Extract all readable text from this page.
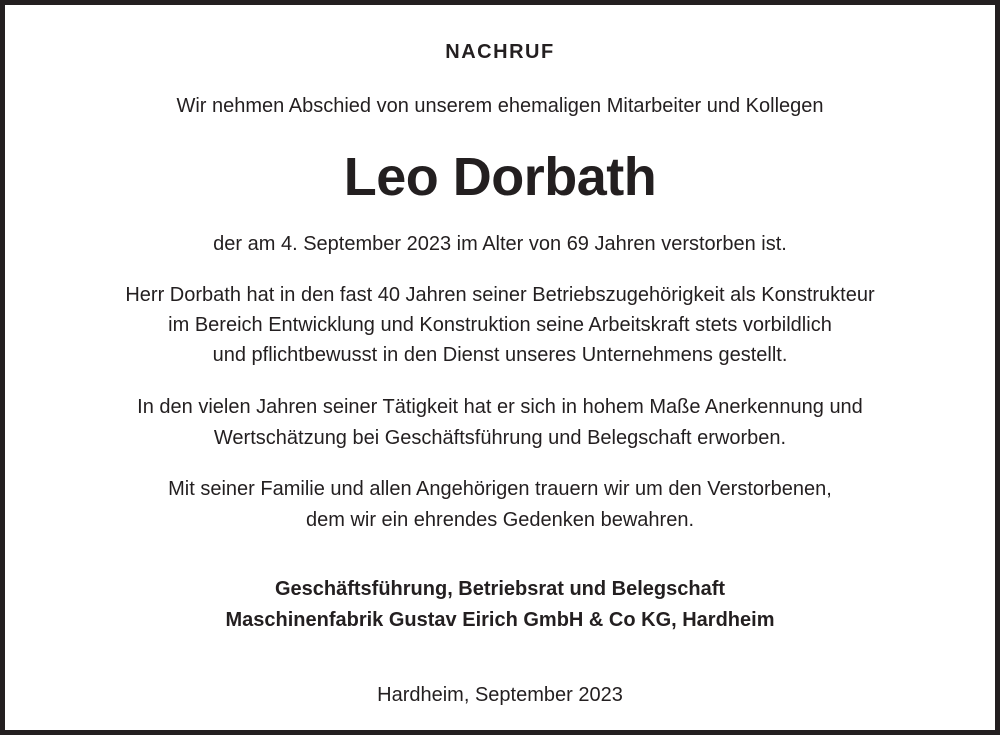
NACHRUF
Wir nehmen Abschied von unserem ehemaligen Mitarbeiter und Kollegen
Leo Dorbath
der am 4. September 2023 im Alter von 69 Jahren verstorben ist.
Herr Dorbath hat in den fast 40 Jahren seiner Betriebszugehörigkeit als Konstrukteur
im Bereich Entwicklung und Konstruktion seine Arbeitskraft stets vorbildlich
und pflichtbewusst in den Dienst unseres Unternehmens gestellt.
In den vielen Jahren seiner Tätigkeit hat er sich in hohem Maße Anerkennung und
Wertschätzung bei Geschäftsführung und Belegschaft erworben.
Mit seiner Familie und allen Angehörigen trauern wir um den Verstorbenen,
dem wir ein ehrendes Gedenken bewahren.
Geschäftsführung, Betriebsrat und Belegschaft
Maschinenfabrik Gustav Eirich GmbH & Co KG, Hardheim
Hardheim, September 2023
